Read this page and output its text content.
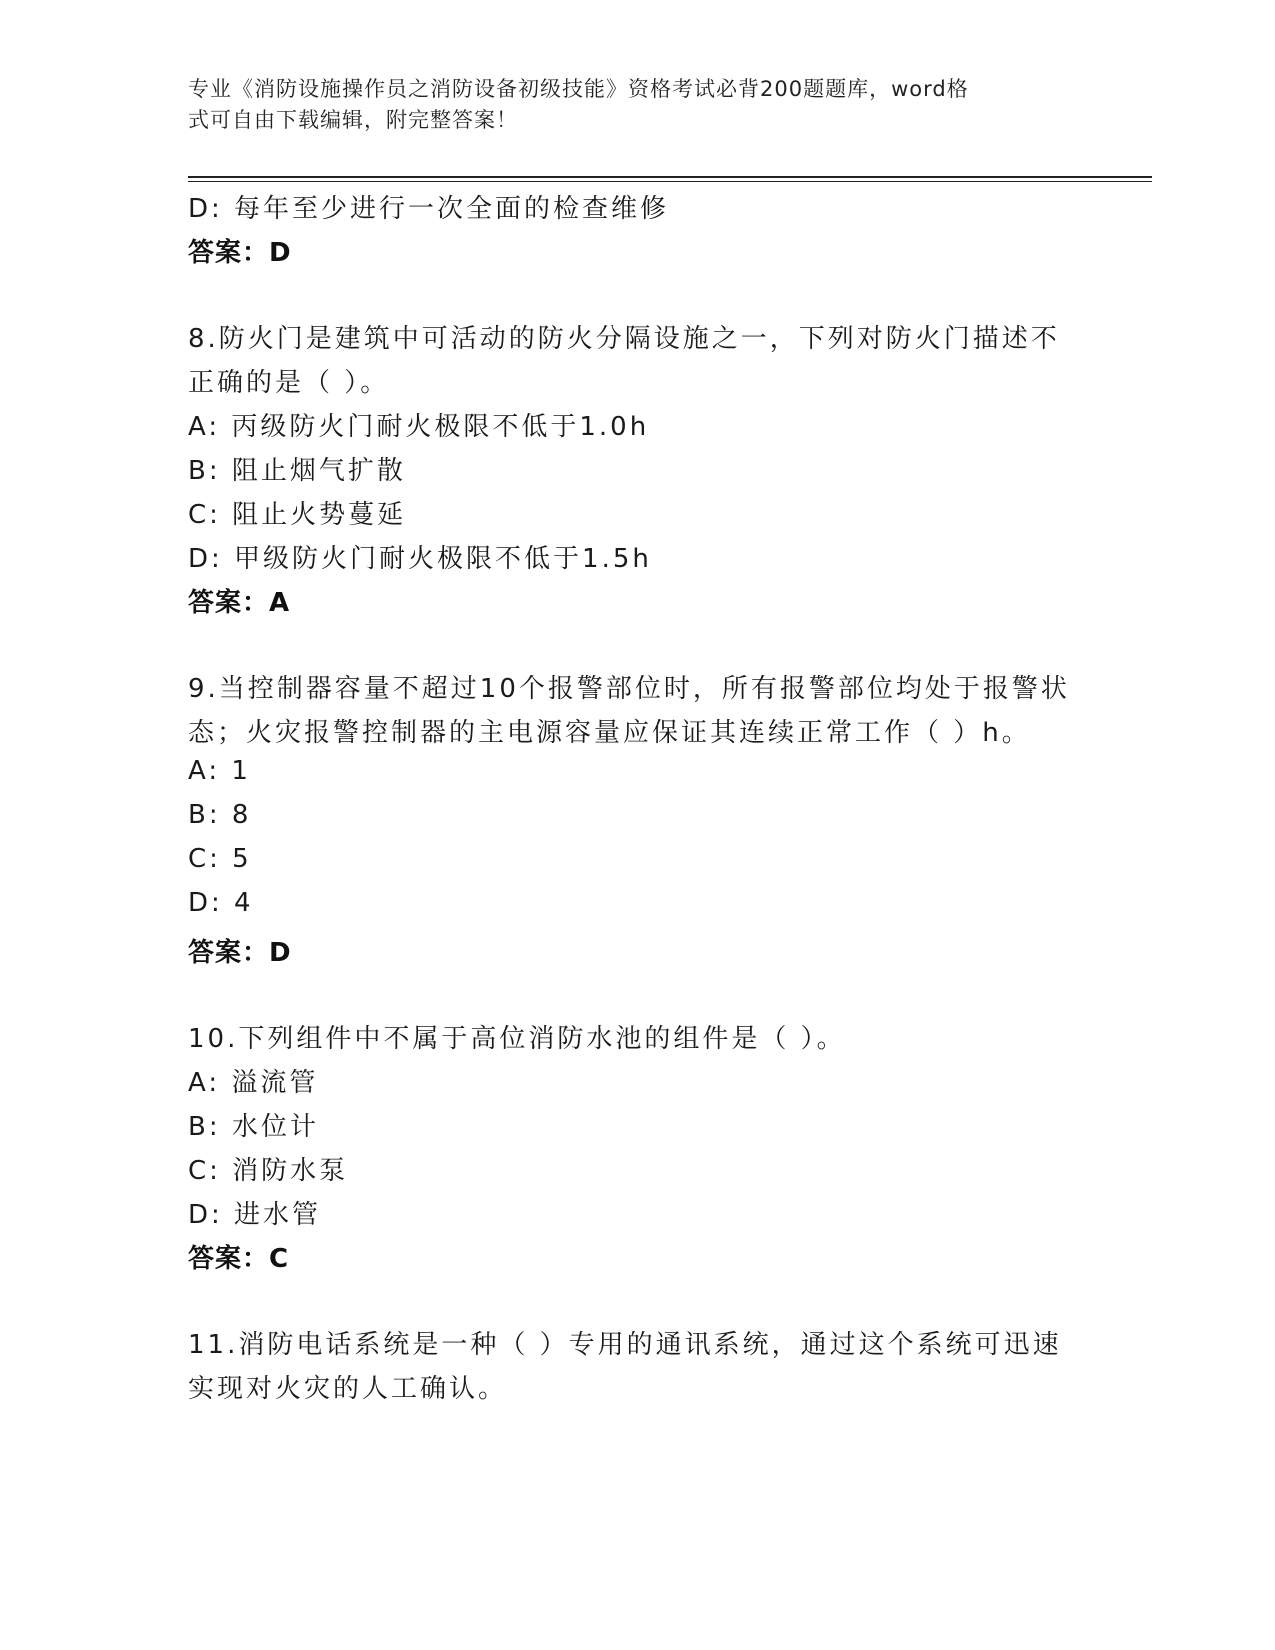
专业《消防设施操作员之消防设备初级技能》资格考试必背200题题库，word格
式可自由下载编辑，附完整答案！
D: 每年至少进行一次全面的检查维修
答案：D
8.防火门是建筑中可活动的防火分隔设施之一，下列对防火门描述不
正确的是（ ）。
A: 丙级防火门耐火极限不低于1.0h
B: 阻止烟气扩散
C: 阻止火势蔓延
D: 甲级防火门耐火极限不低于1.5h
答案：A
9.当控制器容量不超过10个报警部位时，所有报警部位均处于报警状
态；火灾报警控制器的主电源容量应保证其连续正常工作（ ）h。
A: 1
B: 8
C: 5
D: 4
答案：D
10.下列组件中不属于高位消防水池的组件是（ ）。
A: 溢流管
B: 水位计
C: 消防水泵
D: 进水管
答案：C
11.消防电话系统是一种（ ）专用的通讯系统，通过这个系统可迅速
实现对火灾的人工确认。
